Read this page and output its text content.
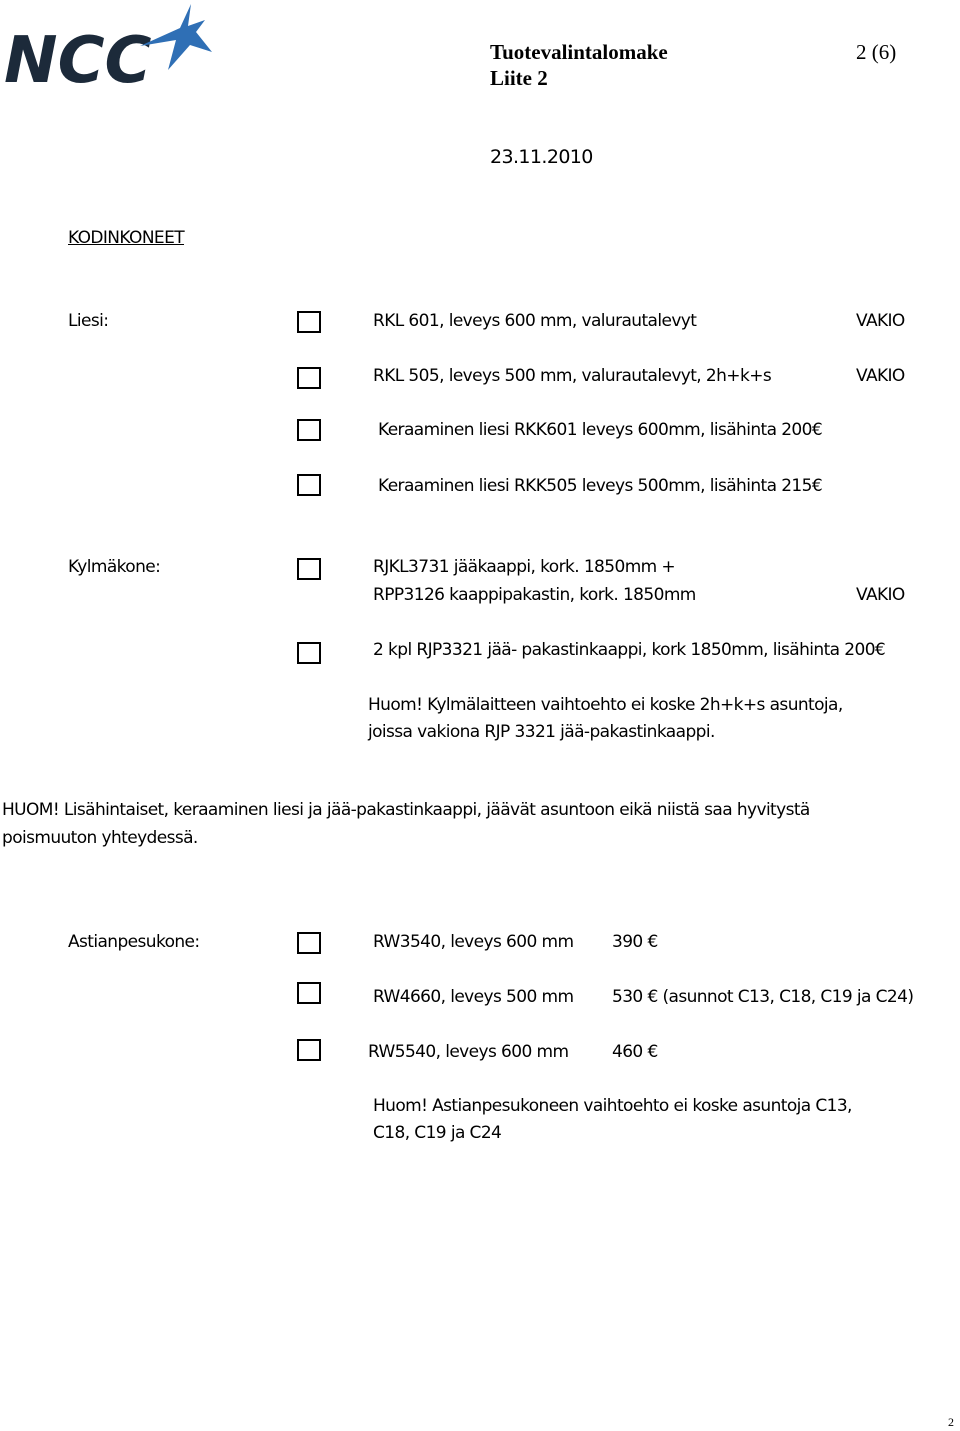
NCC	Tuotevalintalomake
Liite 2
2 (6)
23.11.2010
KODINKONEET
Liesi:	RKL 601, leveys 600 mm, valurautalevyt	VAKIO
RKL 505, leveys 500 mm, valurautalevyt, 2h+k+s	VAKIO
Keraaminen liesi RKK601 leveys 600mm, lisähinta 200€
Keraaminen liesi RKK505 leveys 500mm, lisähinta 215€
Kylmäkone:	RJKL3731 jääkaappi, kork. 1850mm +
RPP3126 kaappipakastin, kork. 1850mm	VAKIO
2 kpl RJP3321 jää- pakastinkaappi, kork 1850mm, lisähinta 200€
Huom! Kylmälaitteen vaihtoehto ei koske 2h+k+s asuntoja,
joissa vakiona RJP 3321 jää-pakastinkaappi.
HUOM! Lisähintaiset, keraaminen liesi ja jää-pakastinkaappi, jäävät asuntoon eikä niistä saa hyvitystä
poismuuton yhteydessä.
Astianpesukone:	RW3540, leveys 600 mm 390 €
RW4660, leveys 500 mm 530 € (asunnot C13, C18, C19 ja C24)
RW5540, leveys 600 mm	460 €
Huom! Astianpesukoneen vaihtoehto ei koske asuntoja C13,
C18, C19 ja C24
2
